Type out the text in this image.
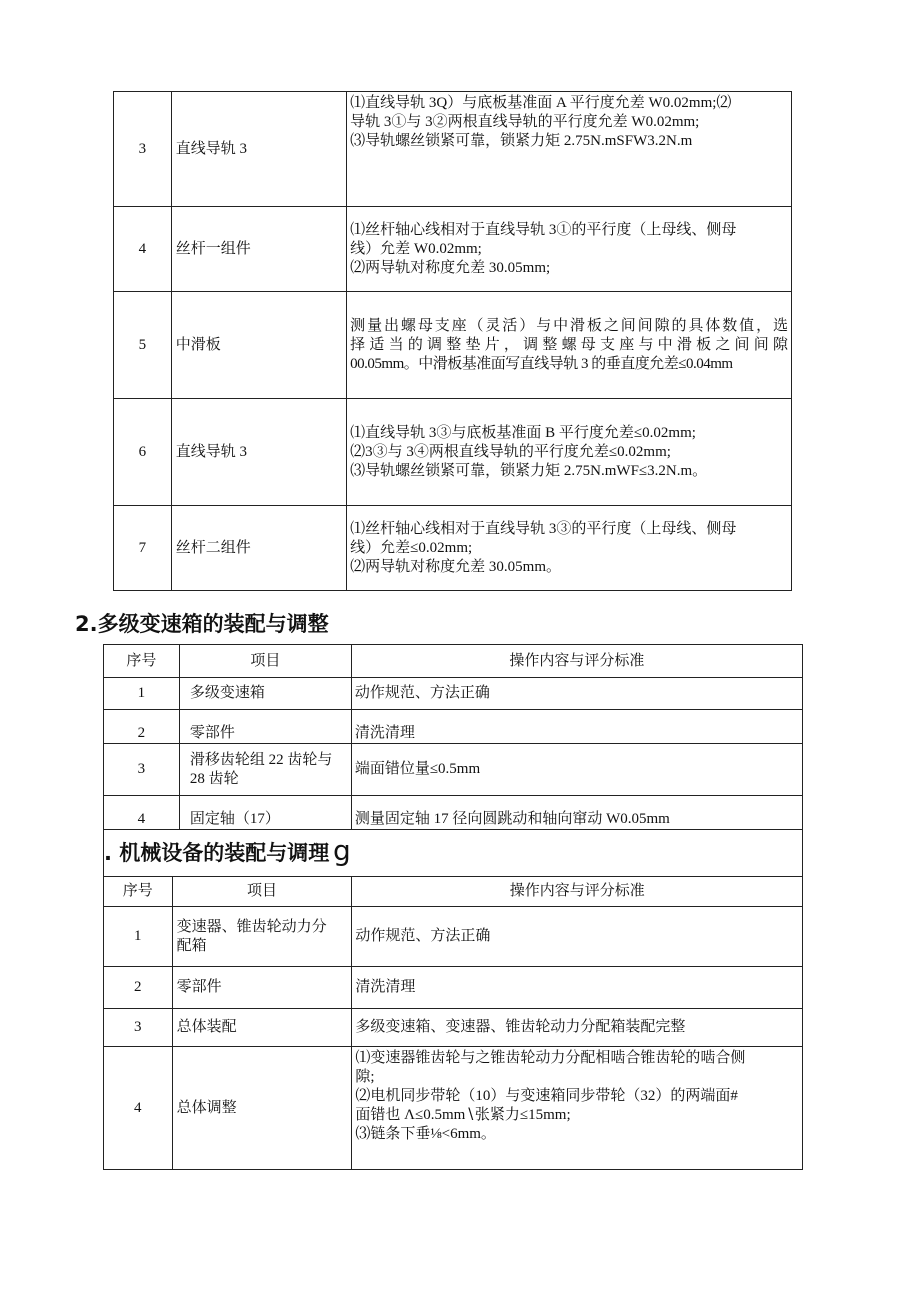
3	直线导轨 3	⑴直线导轨 3Q）与底板基准面 A 平行度允差 W0.02mm;⑵
导轨 3①与 3②两根直线导轨的平行度允差 W0.02mm;
⑶导轨螺丝锁紧可靠，锁紧力矩 2.75N.mSFW3.2N.m

4	丝杆一组件	⑴丝杆轴心线相对于直线导轨 3①的平行度（上母线、侧母
线）允差 W0.02mm;
⑵两导轨对称度允差 30.05mm;

5	中滑板	测量出螺母支座（灵活）与中滑板之间间隙的具体数值，选
择适当的调整垫片，调整螺母支座与中滑板之间间隙
00.05mm。中滑板基准面写直线导轨 3 的垂直度允差≤0.04mm

6	直线导轨 3	⑴直线导轨 3③与底板基准面 B 平行度允差≤0.02mm;
⑵3③与 3④两根直线导轨的平行度允差≤0.02mm;
⑶导轨螺丝锁紧可靠，锁紧力矩 2.75N.mWF≤3.2N.m。

7	丝杆二组件	⑴丝杆轴心线相对于直线导轨 3③的平行度（上母线、侧母
线）允差≤0.02mm;
⑵两导轨对称度允差 30.05mm。
2.多级变速箱的装配与调整
序号	项目	操作内容与评分标准
1	多级变速箱	动作规范、方法正确
2	零部件	清洗清理
3	滑移齿轮组 22 齿轮与
28 齿轮	端面错位量≤0.5mm
4	固定轴（17）	测量固定轴 17 径向圆跳动和轴向窜动 W0.05mm
. 机械设备的装配与调理 g		
序号	项目	操作内容与评分标准
1	变速器、锥齿轮动力分
配箱	动作规范、方法正确
2	零部件	清洗清理
3	总体装配	多级变速箱、变速器、锥齿轮动力分配箱装配完整
4	总体调整	⑴变速器锥齿轮与之锥齿轮动力分配相啮合锥齿轮的啮合侧
隙;
⑵电机同步带轮（10）与变速箱同步带轮（32）的两端面#
面错也 Λ≤0.5mm∖张紧力≤15mm;
⑶链条下垂⅛<6mm。
